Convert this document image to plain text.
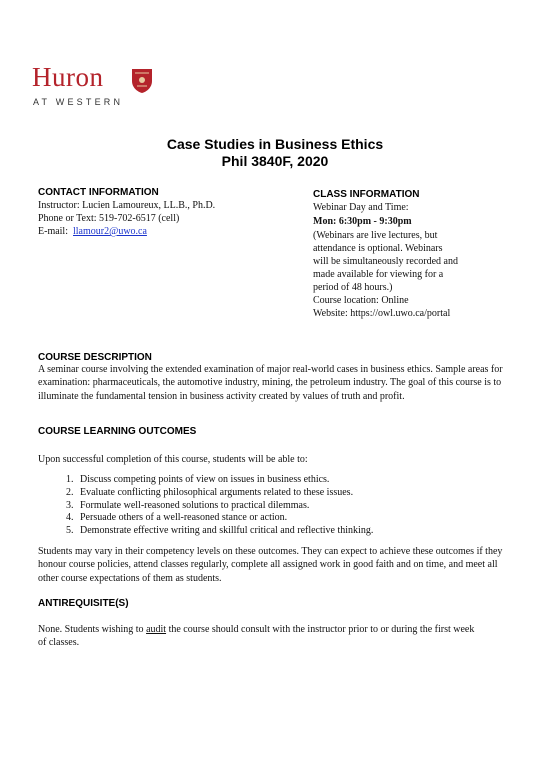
Huron
AT WESTERN
Case Studies in Business Ethics
Phil 3840F, 2020
CONTACT INFORMATION
Instructor: Lucien Lamoureux, LL.B., Ph.D.
Phone or Text: 519-702-6517 (cell)
E-mail: llamour2@uwo.ca
CLASS INFORMATION
Webinar Day and Time:
Mon: 6:30pm - 9:30pm
(Webinars are live lectures, but
attendance is optional. Webinars
will be simultaneously recorded and
made available for viewing for a
period of 48 hours.)
Course location: Online
Website: https://owl.uwo.ca/portal
COURSE DESCRIPTION
A seminar course involving the extended examination of major real-world cases in business ethics. Sample areas for examination: pharmaceuticals, the automotive industry, mining, the petroleum industry. The goal of this course is to illuminate the fundamental tension in business activity created by values of truth and profit.
COURSE LEARNING OUTCOMES
Upon successful completion of this course, students will be able to:
1. Discuss competing points of view on issues in business ethics.
2. Evaluate conflicting philosophical arguments related to these issues.
3. Formulate well-reasoned solutions to practical dilemmas.
4. Persuade others of a well-reasoned stance or action.
5. Demonstrate effective writing and skillful critical and reflective thinking.
Students may vary in their competency levels on these outcomes. They can expect to achieve these outcomes if they honour course policies, attend classes regularly, complete all assigned work in good faith and on time, and meet all other course expectations of them as students.
ANTIREQUISITE(S)
None. Students wishing to audit the course should consult with the instructor prior to or during the first week of classes.
